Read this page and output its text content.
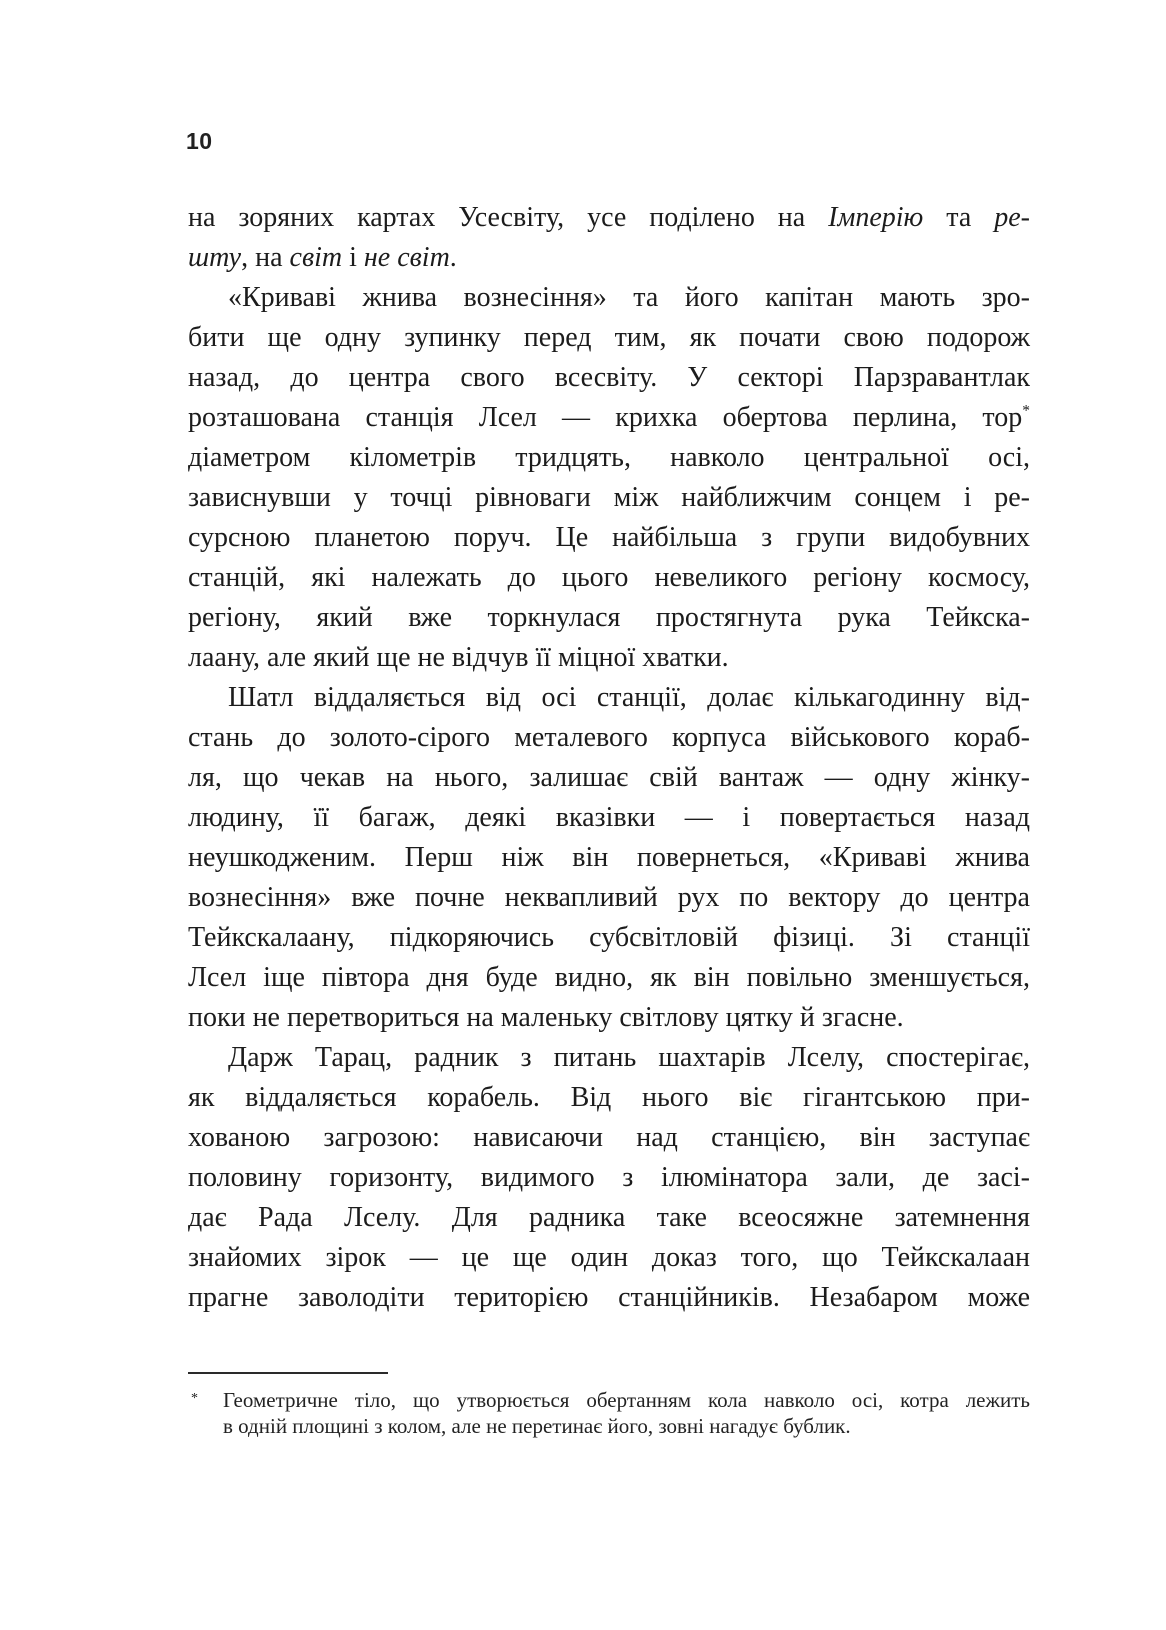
10
на зоряних картах Усесвіту, усе поділено на Імперію та ре-
шту, на світ і не світ.
«Криваві жнива вознесіння» та його капітан мають зро-
бити ще одну зупинку перед тим, як почати свою подорож
назад, до центра свого всесвіту. У секторі Парзравантлак
розташована станція Лсел — крихка обертова перлина, тор*
діаметром кілометрів тридцять, навколо центральної осі,
зависнувши у точці рівноваги між найближчим сонцем і ре-
сурсною планетою поруч. Це найбільша з групи видобувних
станцій, які належать до цього невеликого регіону космосу,
регіону, який вже торкнулася простягнута рука Тейкска-
лаану, але який ще не відчув її міцної хватки.
Шатл віддаляється від осі станції, долає кількагодинну від-
стань до золото-сірого металевого корпуса військового кораб-
ля, що чекав на нього, залишає свій вантаж — одну жінку-
людину, її багаж, деякі вказівки — і повертається назад
неушкодженим. Перш ніж він повернеться, «Криваві жнива
вознесіння» вже почне неквапливий рух по вектору до центра
Тейкскалаану, підкоряючись субсвітловій фізиці. Зі станції
Лсел іще півтора дня буде видно, як він повільно зменшується,
поки не перетвориться на маленьку світлову цятку й згасне.
Дарж Тарац, радник з питань шахтарів Лселу, спостерігає,
як віддаляється корабель. Від нього віє гігантською при-
хованою загрозою: нависаючи над станцією, він заступає
половину горизонту, видимого з ілюмінатора зали, де засі-
дає Рада Лселу. Для радника таке всеосяжне затемнення
знайомих зірок — це ще один доказ того, що Тейкскалаан
прагне заволодіти територією станційників. Незабаром може
* Геометричне тіло, що утворюється обертанням кола навколо осі, котра лежить
в одній площині з колом, але не перетинає його, зовні нагадує бублик.
